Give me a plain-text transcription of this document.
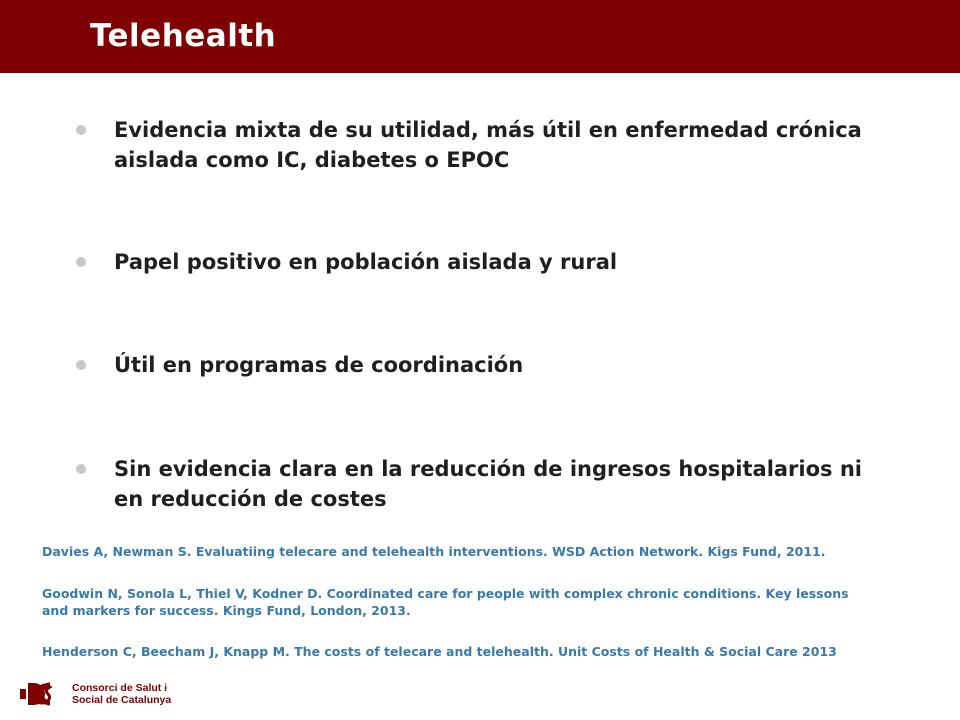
Telehealth
Evidencia mixta de su utilidad, más útil en enfermedad crónica aislada como IC, diabetes o EPOC
Papel positivo en población aislada y rural
Útil en programas de coordinación
Sin evidencia clara en la reducción de ingresos hospitalarios ni en reducción de costes
Davies A, Newman S. Evaluatiing telecare and telehealth interventions. WSD Action Network. Kigs Fund, 2011.
Goodwin N, Sonola L, Thiel V, Kodner D. Coordinated care for people with complex chronic conditions. Key lessons and markers for success. Kings Fund, London, 2013.
Henderson C, Beecham J, Knapp M. The costs of telecare and telehealth. Unit Costs of Health & Social Care 2013
Consorci de Salut i
Social de Catalunya
